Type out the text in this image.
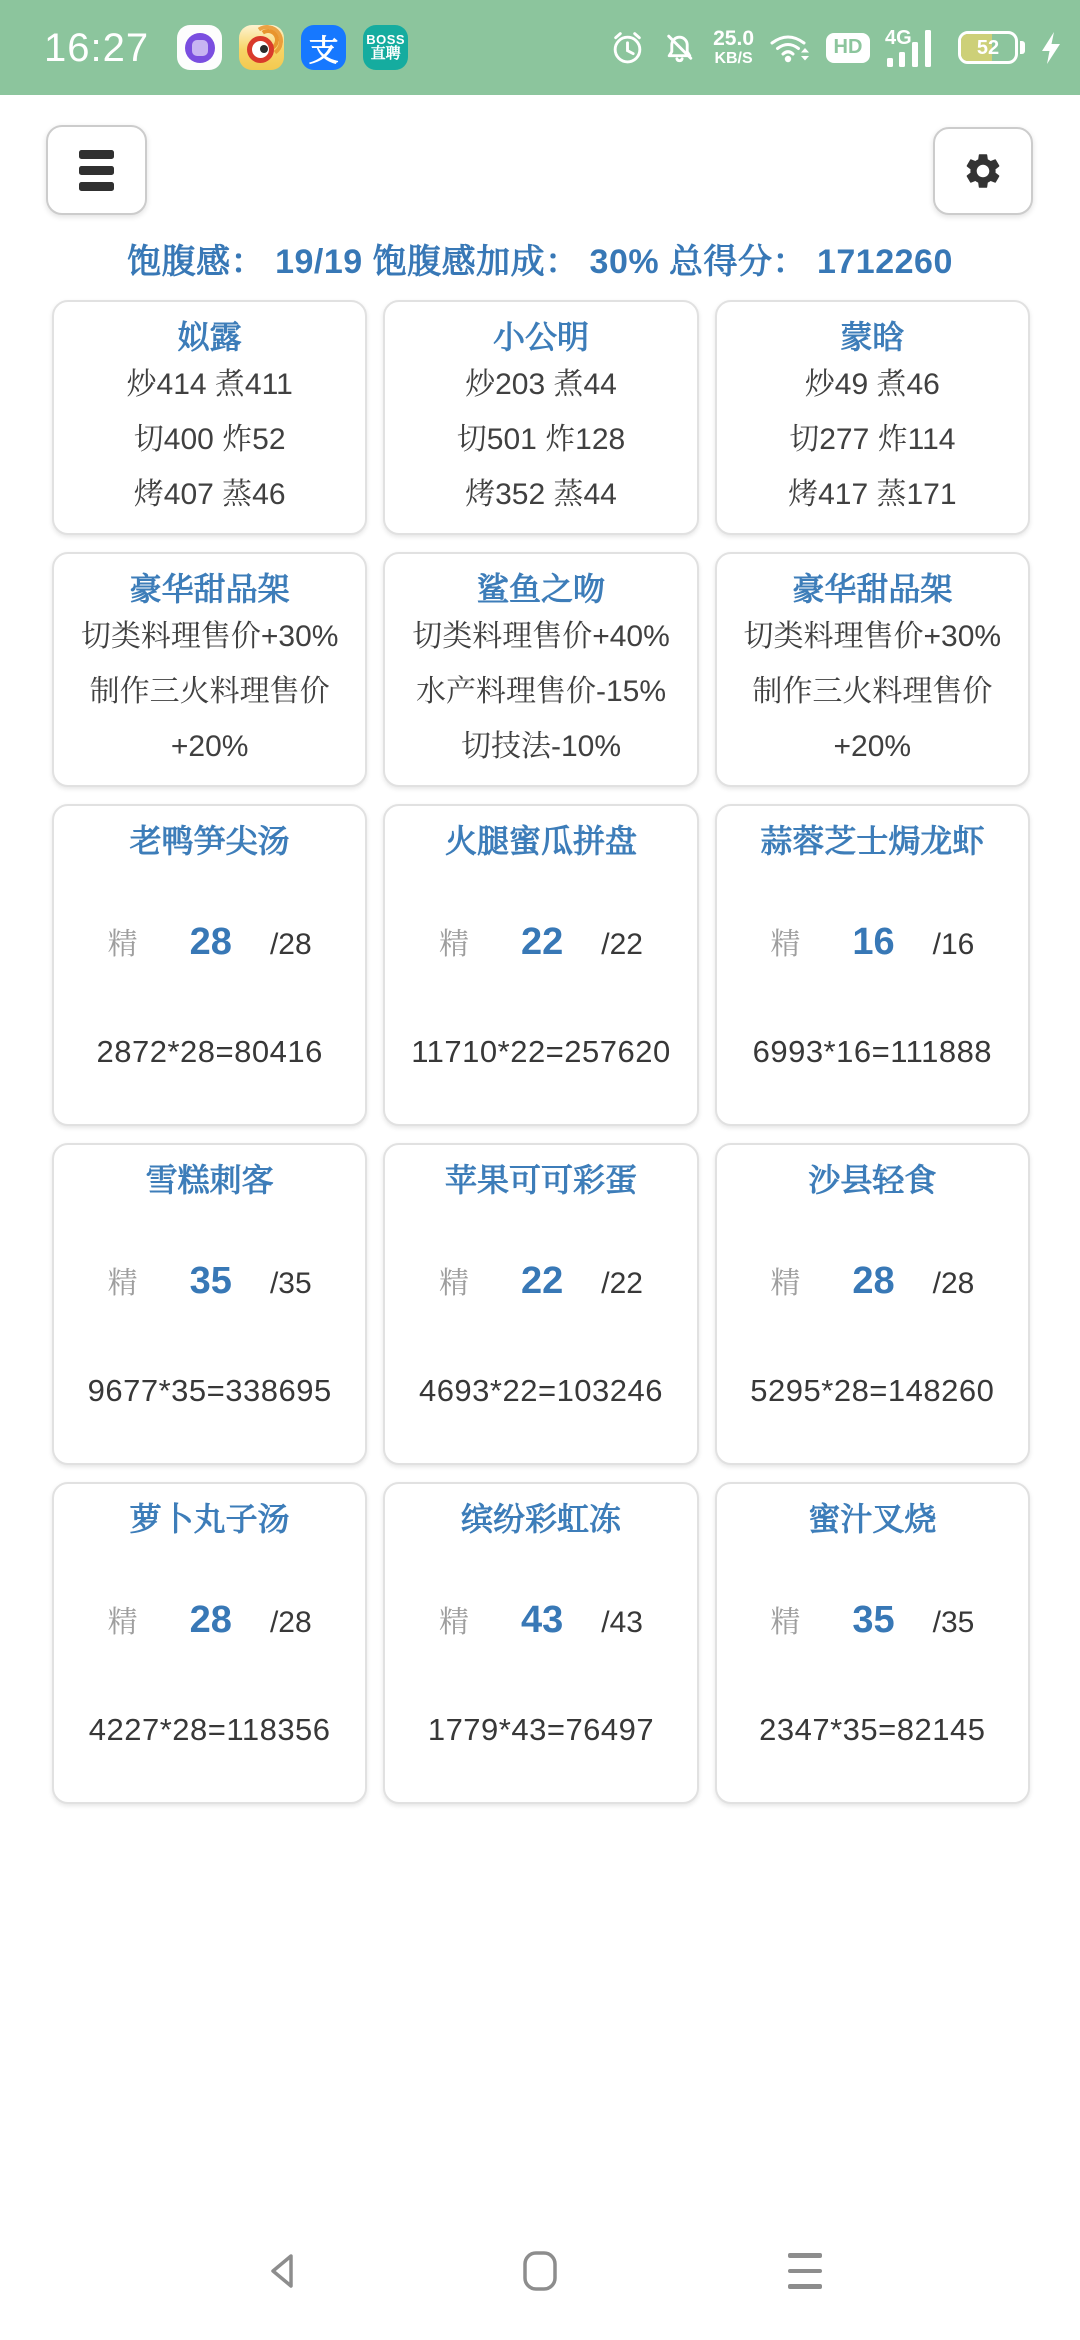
16:27	支	BOSS
直聘
25.0
KB/S
HD	4G	52
饱腹感： 19/19 饱腹感加成： 30% 总得分： 1712260
姒露
炒414 煮411
切400 炸52
烤407 蒸46
小公明
炒203 煮44
切501 炸128
烤352 蒸44
蒙晗
炒49 煮46
切277 炸114
烤417 蒸171
豪华甜品架
切类料理售价+30%
制作三火料理售价
+20%
鲨鱼之吻
切类料理售价+40%
水产料理售价-15%
切技法-10%
豪华甜品架
切类料理售价+30%
制作三火料理售价
+20%
老鸭笋尖汤
精 28 /28
2872*28=80416
火腿蜜瓜拼盘
精 22 /22
11710*22=257620
蒜蓉芝士焗龙虾
精 16 /16
6993*16=111888
雪糕刺客
精 35 /35
9677*35=338695
苹果可可彩蛋
精 22 /22
4693*22=103246
沙县轻食
精 28 /28
5295*28=148260
萝卜丸子汤
精 28 /28
4227*28=118356
缤纷彩虹冻
精 43 /43
1779*43=76497
蜜汁叉烧
精 35 /35
2347*35=82145
